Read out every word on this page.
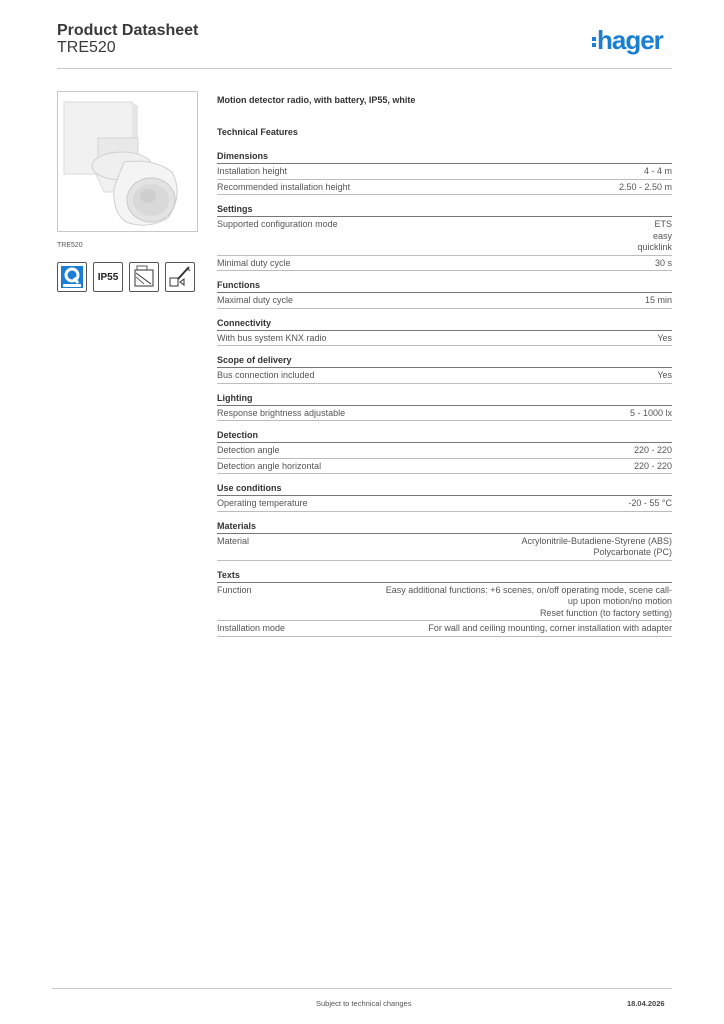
Product Datasheet
TRE520	hager
TRE520
IP55
Motion detector radio, with battery, IP55, white
Technical Features
Dimensions
Installation height	4 - 4 m
Recommended installation height	2.50 - 2.50 m
Settings
Supported configuration mode	ETS
easy
quicklink
Minimal duty cycle	30 s
Functions
Maximal duty cycle	15 min
Connectivity
With bus system KNX radio	Yes
Scope of delivery
Bus connection included	Yes
Lighting
Response brightness adjustable	5 - 1000 lx
Detection
Detection angle	220 - 220
Detection angle horizontal	220 - 220
Use conditions
Operating temperature	-20 - 55 °C
Materials
Material	Acrylonitrile-Butadiene-Styrene (ABS)
Polycarbonate (PC)
Texts
Function	Easy additional functions: +6 scenes, on/off operating mode, scene call-
up upon motion/no motion
Reset function (to factory setting)
Installation mode	For wall and ceiling mounting, corner installation with adapter
Subject to technical changes	18.04.2026
